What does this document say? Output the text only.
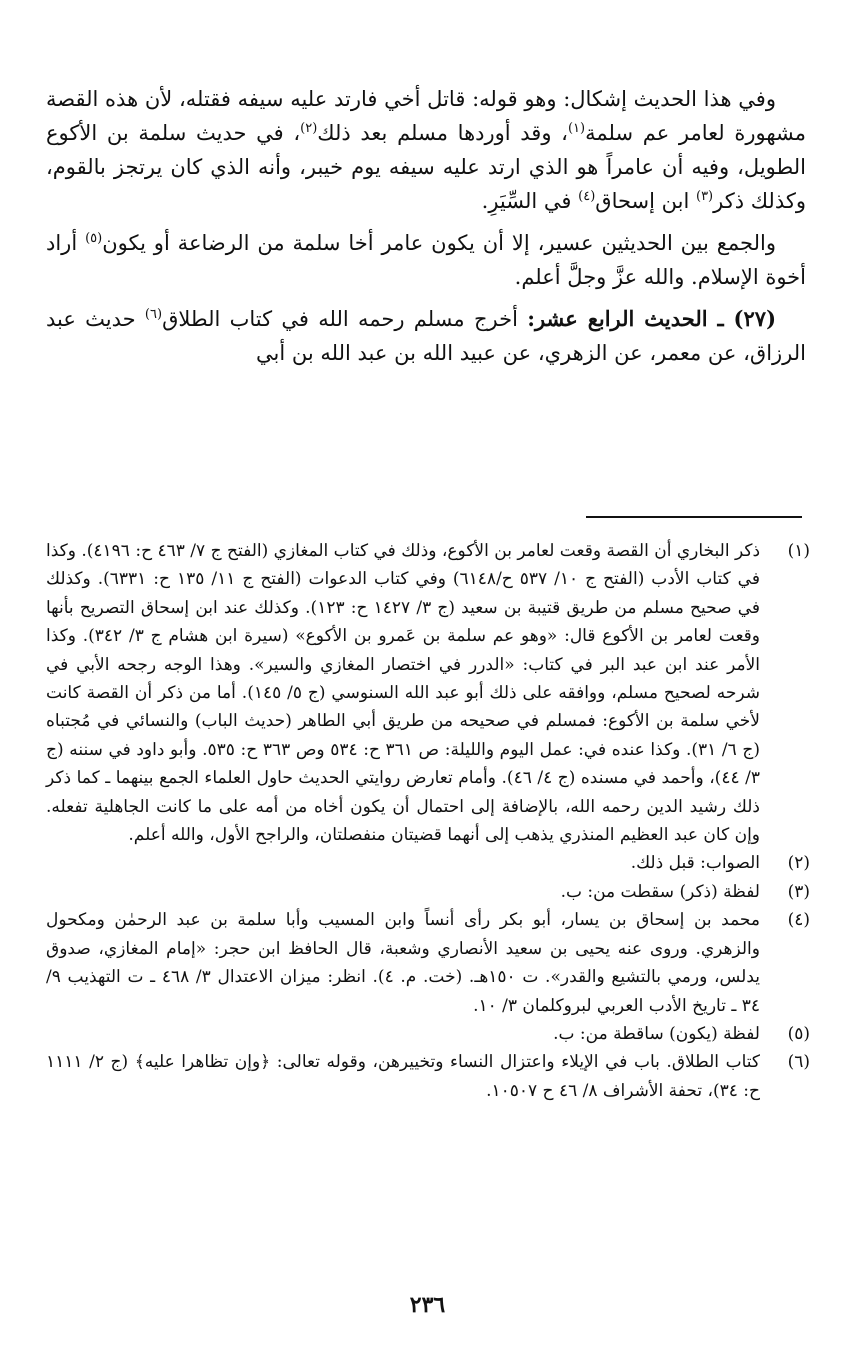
وفي هذا الحديث إشكال: وهو قوله: قاتل أخي فارتد عليه سيفه فقتله، لأن هذه القصة مشهورة لعامر عم سلمة$^{(١)}$، وقد أوردها مسلم بعد ذلك$^{(٢)}$، في حديث سلمة بن الأكوع الطويل، وفيه أن عامراً هو الذي ارتد عليه سيفه يوم خيبر، وأنه الذي كان يرتجز بالقوم، وكذلك ذكر$^{(٣)}$ ابن إسحاق$^{(٤)}$ في السِّيَرِ.

والجمع بين الحديثين عسير، إلا أن يكون عامر أخا سلمة من الرضاعة أو يكون$^{(٥)}$ أراد أخوة الإسلام. والله عزَّ وجلَّ أعلم.

(٢٧) ـ الحديث الرابع عشر: أخرج مسلم رحمه الله في كتاب الطلاق$^{(٦)}$ حديث عبد الرزاق، عن معمر، عن الزهري، عن عبيد الله بن عبد الله بن أبي

(١)
ذكر البخاري أن القصة وقعت لعامر بن الأكوع، وذلك في كتاب المغازي (الفتح ج ٧/ ٤٦٣ ح: ٤١٩٦). وكذا في كتاب الأدب (الفتح ج ١٠/ ٥٣٧ ح/٦١٤٨) وفي كتاب الدعوات (الفتح ج ١١/ ١٣٥ ح: ٦٣٣١). وكذلك في صحيح مسلم من طريق قتيبة بن سعيد (ج ٣/ ١٤٢٧ ح: ١٢٣). وكذلك عند ابن إسحاق التصريح بأنها وقعت لعامر بن الأكوع قال: «وهو عم سلمة بن عَمرو بن الأكوع» (سيرة ابن هشام ج ٣/ ٣٤٢). وكذا الأمر عند ابن عبد البر في كتاب: «الدرر في اختصار المغازي والسير». وهذا الوجه رجحه الأبي في شرحه لصحيح مسلم، ووافقه على ذلك أبو عبد الله السنوسي (ج ٥/ ١٤٥). أما من ذكر أن القصة كانت لأخي سلمة بن الأكوع: فمسلم في صحيحه من طريق أبي الطاهر (حديث الباب) والنسائي في مُجتباه (ج ٦/ ٣١). وكذا عنده في: عمل اليوم والليلة: ص ٣٦١ ح: ٥٣٤ وص ٣٦٣ ح: ٥٣٥. وأبو داود في سننه (ج ٣/ ٤٤)، وأحمد في مسنده (ج ٤/ ٤٦). وأمام تعارض روايتي الحديث حاول العلماء الجمع بينهما ـ كما ذكر ذلك رشيد الدين رحمه الله، بالإضافة إلى احتمال أن يكون أخاه من أمه على ما كانت الجاهلية تفعله. وإن كان عبد العظيم المنذري يذهب إلى أنهما قضيتان منفصلتان، والراجح الأول، والله أعلم.
(٢)
الصواب: قبل ذلك.
(٣)
لفظة (ذكر) سقطت من: ب.
(٤)
محمد بن إسحاق بن يسار، أبو بكر رأى أنساً وابن المسيب وأبا سلمة بن عبد الرحمٰن ومكحول والزهري. وروى عنه يحيى بن سعيد الأنصاري وشعبة، قال الحافظ ابن حجر: «إمام المغازي، صدوق يدلس، ورمي بالتشيع والقدر». ت ١٥٠هـ. (خت. م. ٤). انظر: ميزان الاعتدال ٣/ ٤٦٨ ـ ت التهذيب ٩/ ٣٤ ـ تاريخ الأدب العربي لبروكلمان ٣/ ١٠.
(٥)
لفظة (يكون) ساقطة من: ب.
(٦)
كتاب الطلاق. باب في الإيلاء واعتزال النساء وتخييرهن، وقوله تعالى: ﴿وإن تظاهرا عليه﴾ (ج ٢/ ١١١١ ح: ٣٤)، تحفة الأشراف ٨/ ٤٦ ح ١٠٥٠٧.
٢٣٦
